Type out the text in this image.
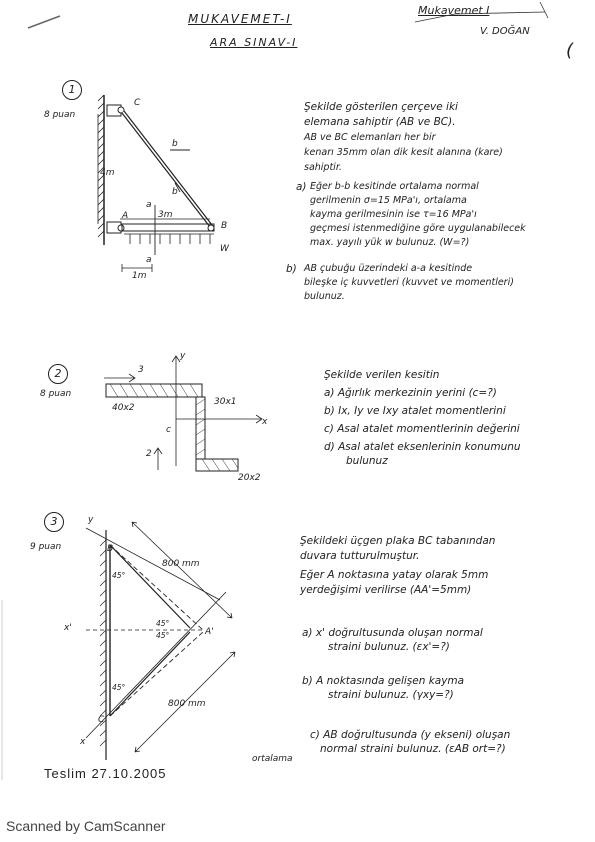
MUKAVEMET-I
ARA SINAV-I
Mukavemet I
V. DOĞAN
(
1
8 puan
Şekilde gösterilen çerçeve iki
elemana sahiptir (AB ve BC).
AB ve BC elemanları her bir
kenarı 35mm olan dik kesit alanına (kare)
sahiptir.
a) Eğer b-b kesitinde ortalama normal
gerilmenin σ=15 MPa'ı, ortalama
kayma gerilmesinin ise τ=16 MPa'ı
geçmesi istenmediğine göre uygulanabilecek
max. yayılı yük w bulunuz. (W=?)
b) AB çubuğu üzerindeki a-a kesitinde
bileşke iç kuvvetleri (kuvvet ve momentleri)
bulunuz.
2
8 puan
Şekilde verilen kesitin
a) Ağırlık merkezinin yerini (c=?)
b) Ix, Iy ve Ixy atalet momentlerini
c) Asal atalet momentlerinin değerini
d) Asal atalet eksenlerinin konumunu
bulunuz
3
9 puan	Şekildeki üçgen plaka BC tabanından
duvara tutturulmuştur.
Eğer A noktasına yatay olarak 5mm
yerdeğişimi verilirse (AA'=5mm)
a) x' doğrultusunda oluşan normal
straini bulunuz. (εx'=?)
b) A noktasında gelişen kayma
straini bulunuz. (γxy=?)
c) AB doğrultusunda (y ekseni) oluşan
normal straini bulunuz. (εAB ort=?)
ortalama
Teslim 27.10.2005
Scanned by CamScanner
C
A
B
b
b
a
a
4m
3m
W
1m
40x2
30x1
20x2
3
2
c
x
y
B
C
A'
y
x'
x
45°
45°
45°
45°
800 mm
800 mm
